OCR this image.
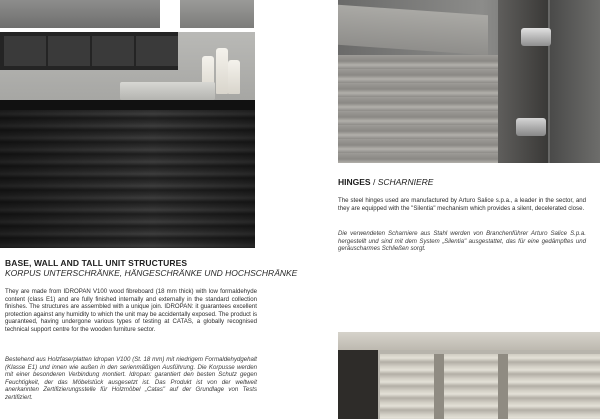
BASE, WALL AND TALL UNIT STRUCTURES
KORPUS UNTERSCHRÄNKE, HÄNGESCHRÄNKE UND HOCHSCHRÄNKE

They are made from IDROPAN V100 wood fibreboard (18 mm thick) with low formaldehyde content (class E1) and are fully finished internally and externally in the standard collection finishes. The structures are assembled with a unique join. IDROPAN: it guarantees excellent protection against any humidity to which the unit may be accidentally exposed. The product is guaranteed, having undergone various types of testing at CATAS, a globally recognised technical support centre for the wooden furniture sector.

Bestehend aus Holzfaserplatten Idropan V100 (St. 18 mm) mit niedrigem Formaldehydgehalt (Klasse E1) und innen wie außen in den serienmäßigen Ausführung. Die Korpusse werden mit einer besonderen Verbindung montiert. Idropan: garantiert den besten Schutz gegen Feuchtigkeit, der das Möbelstück ausgesetzt ist. Das Produkt ist von der weltweit anerkannten Zertifizierungsstelle für Holzmöbel „Catas" auf der Grundlage von Tests zertifiziert.

HINGES / SCHARNIERE

The steel hinges used are manufactured by Arturo Salice s.p.a., a leader in the sector, and they are equipped with the "Silentia" mechanism which provides a silent, decelerated close.

Die verwendeten Scharniere aus Stahl werden von Branchenführer Arturo Salice S.p.a. hergestellt und sind mit dem System „Silentia" ausgestattet, das für eine gedämpftes und geräuscharmes Schließen sorgt.
